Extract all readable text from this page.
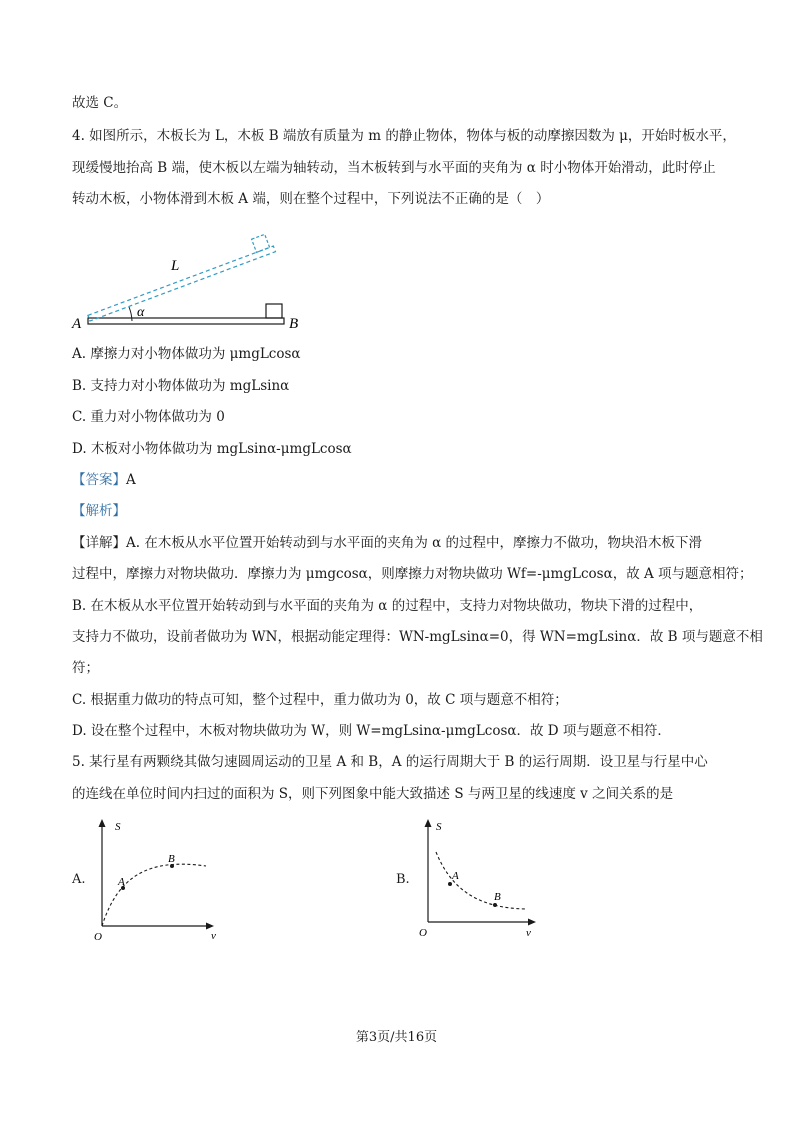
故选 C。
4. 如图所示，木板长为 L，木板 B 端放有质量为 m 的静止物体，物体与板的动摩擦因数为 μ，开始时板水平，
现缓慢地抬高 B 端，使木板以左端为轴转动，当木板转到与水平面的夹角为 α 时小物体开始滑动，此时停止
转动木板，小物体滑到木板 A 端，则在整个过程中，下列说法不正确的是（　）
α
L
A	B
A. 摩擦力对小物体做功为 μmgLcosα
B. 支持力对小物体做功为 mgLsinα
C. 重力对小物体做功为 0
D. 木板对小物体做功为 mgLsinα-μmgLcosα
【答案】A
【解析】
【详解】A. 在木板从水平位置开始转动到与水平面的夹角为 α 的过程中，摩擦力不做功，物块沿木板下滑
过程中，摩擦力对物块做功．摩擦力为 μmgcosα，则摩擦力对物块做功 Wf=-μmgLcosα，故 A 项与题意相符；
B. 在木板从水平位置开始转动到与水平面的夹角为 α 的过程中，支持力对物块做功，物块下滑的过程中，
支持力不做功，设前者做功为 WN，根据动能定理得：WN-mgLsinα=0，得 WN=mgLsinα．故 B 项与题意不相
符；
C. 根据重力做功的特点可知，整个过程中，重力做功为 0，故 C 项与题意不相符；
D. 设在整个过程中，木板对物块做功为 W，则 W=mgLsinα-μmgLcosα．故 D 项与题意不相符．
5. 某行星有两颗绕其做匀速圆周运动的卫星 A 和 B，A 的运行周期大于 B 的运行周期．设卫星与行星中心
的连线在单位时间内扫过的面积为 S，则下列图象中能大致描述 S 与两卫星的线速度 v 之间关系的是
A.	A
B
S
v
O
B.	A
B
S
v
O
第3页/共16页
